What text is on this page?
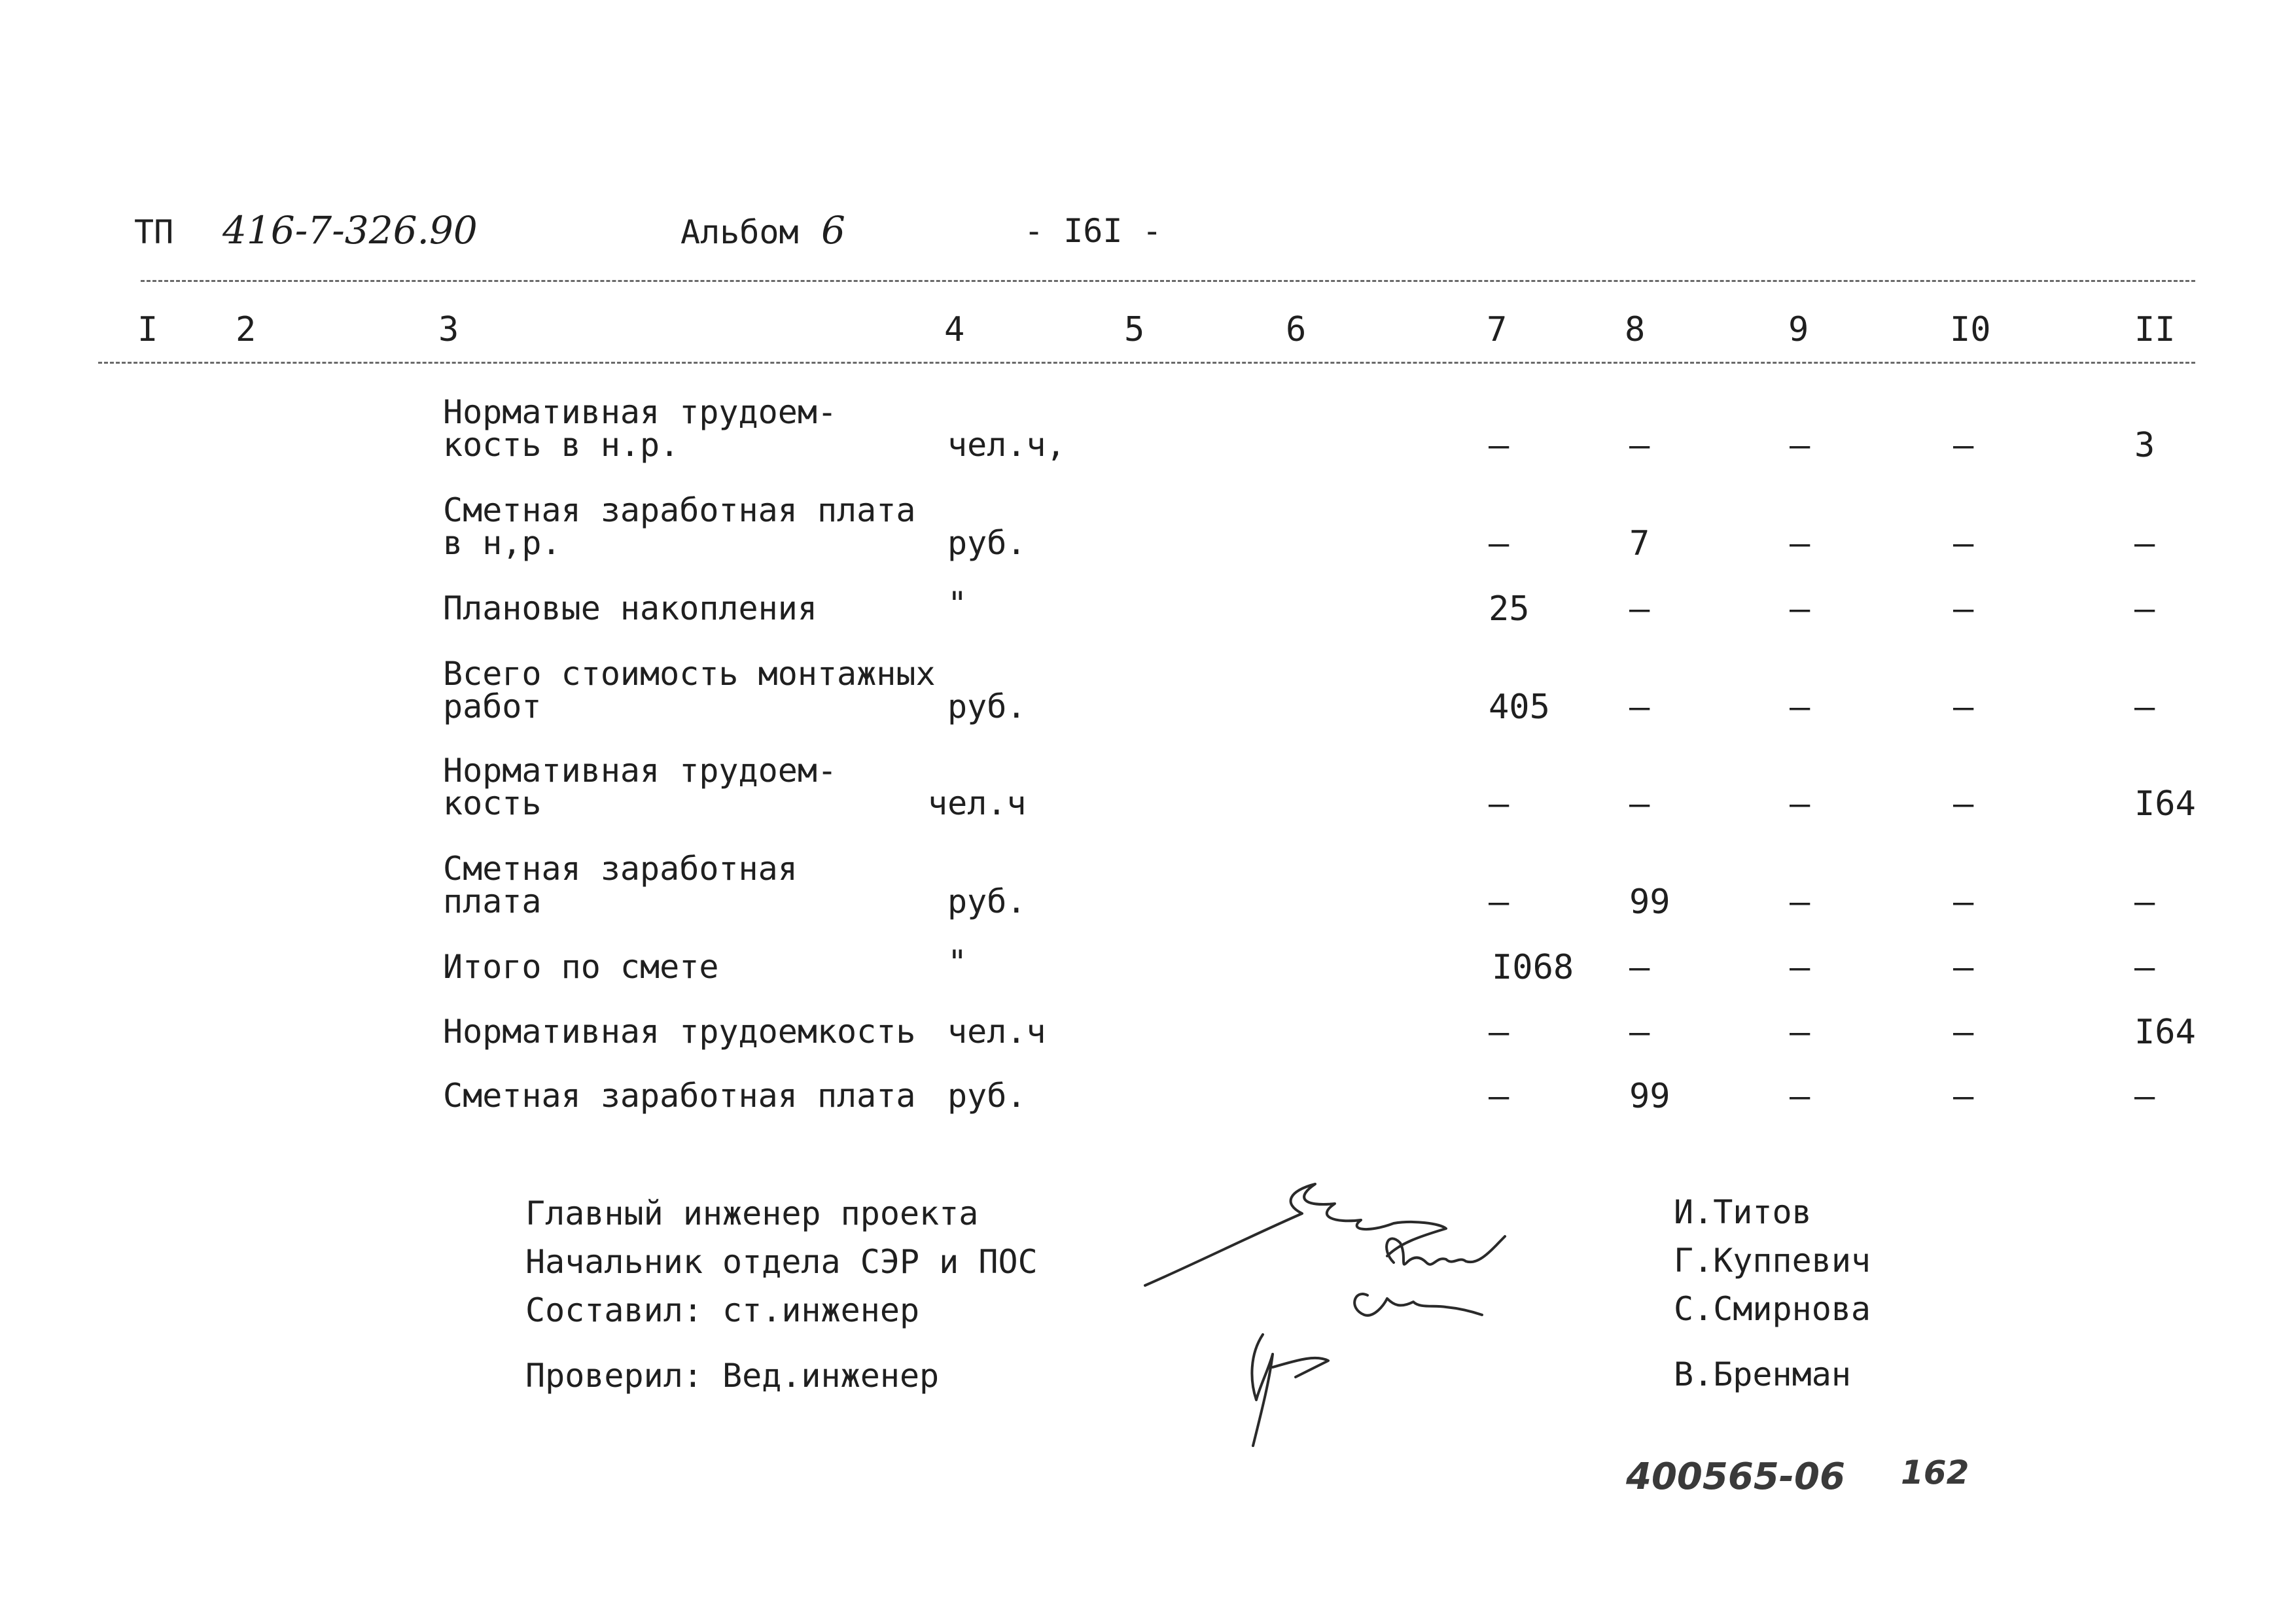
ТП 416-7-326.90	Альбом 6	- I6I -
I 2	3	4	5	6	7	8	9	I0	II
Нормативная трудоем-
кость в н.р.	чел.ч,	–	–	–	–	3
Сметная заработная плата
в н,р.	руб.	–	7	–	–	–
Плановые накопления	"	25	–	–	–	–
Всего стоимость монтажных
работ	руб.	405 –	–	–	–
Нормативная трудоем-
кость	чел.ч	–	–	–	–	I64
Сметная заработная
плата	руб.	–	99	–	–	–
Итого по смете	"	I068 –	–	–	–
Нормативная трудоемкость чел.ч	–	–	–	–	I64
Сметная заработная плата руб.	–	99	–	–	–
Главный инженер проекта	И.Титов
Начальник отдела СЭР и ПОС	Г.Куппевич
Составил: ст.инженер	С.Смирнова
Проверил: Вед.инженер	В.Бренман
400565-06 162
